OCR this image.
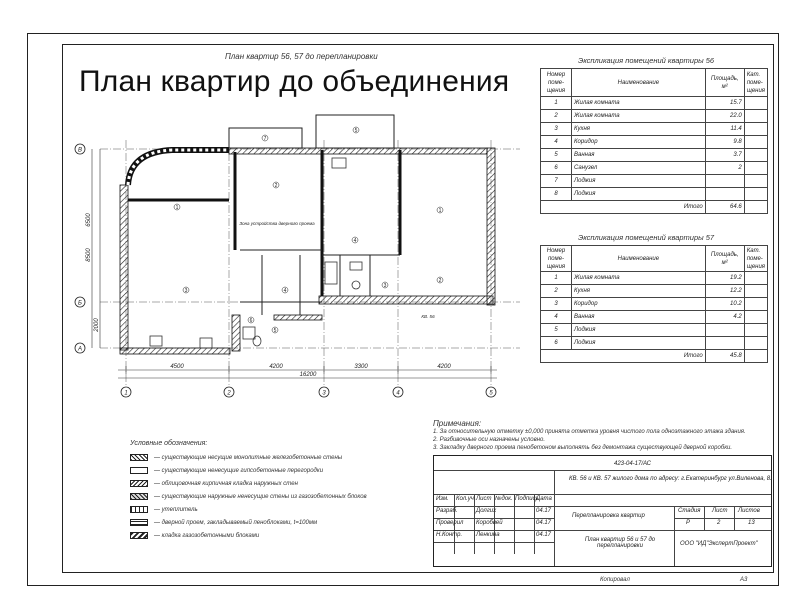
План квартир 56, 57 до перепланировки
1	2	3	4	5
В
Б
А
4500	4200	3300	4200
16200
6500
2000
8500
Зона устройства дверного проема
КВ. 56
1
2
3	4
5
6
7
1
2
3
4
5
План квартир до объединения
Экспликация помещений квартиры 56
Номер поме-щения	Наименование	Площадь, м²	Кат. поме-щения
1	Жилая комната	15.7	
2	Жилая комната	22.0	
3	Кухня	11.4	
4	Коридор	9.8	
5	Ванная	3.7	
6	Санузел	2	
7	Лоджия		
8	Лоджия		
Итого		64.6	
Экспликация помещений квартиры 57
Номер поме-щения	Наименование	Площадь, м²	Кат. поме-щения
1	Жилая комната	19.2	
2	Кухня	12.2	
3	Коридор	10.2	
4	Ванная	4.2	
5	Лоджия		
6	Лоджия		
Итого		45.8	
Примечания:
1. За относительную отметку ±0,000 принята отметка уровня чистого пола одноэтажного этажа здания.
2. Разбивочные оси назначены условно.
3. Закладку дверного проема пенобетоном выполнять без демонтажа существующей дверной коробки.
Условные обозначения:
— существующие несущие монолитные железобетонные стены
— существующие ненесущие гипсобетонные перегородки
— облицовочная кирпичная кладка наружных стен
— существующие наружные ненесущие стены из газозобетонных блоков
— утеплитель
— дверной проем, закладываемый пеноблоками, t=100мм
— кладка газозобетонными блоками
423-04-17/АС
КВ. 56 и КВ. 57 жилого дома по адресу: г.Екатеринбург ул.Виленова, 8.
Перепланировка квартир
План квартир 56 и 57 до перепланировки	ООО "ИД"ЭкспертПроект"
Изм. Кол.уч Лист №док. Подпись
Дата
Разраб.	Долгих	04.17
Проверил Коробвей	04.17
Н.Контр. Ленкина	04.17
Стадия Лист Листов
Р	2	13
Копировал	А3
